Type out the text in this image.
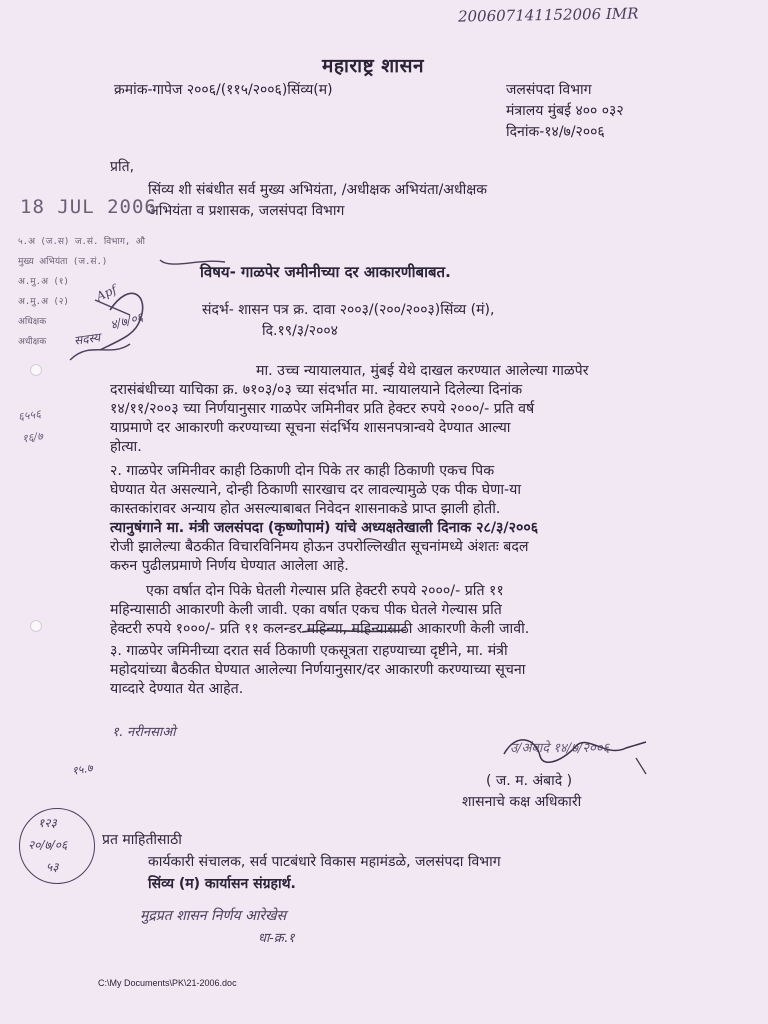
200607141152006 IMR
महाराष्ट्र शासन
क्रमांक-गापेज २००६/(११५/२००६)सिंव्य(म)	जलसंपदा विभाग
मंत्रालय मुंबई ४०० ०३२
दिनांक-१४/७/२००६
प्रति,
सिंव्य शी संबंधीत सर्व मुख्य अभियंता, /अधीक्षक अभियंता/अधीक्षक
अभियंता व प्रशासक, जलसंपदा विभाग
18 JUL 2006
५.अ (ज.स) ज.सं. विभाग, औ
मुख्य अभियंता (ज.सं.)
अ.मु.अ (१)
अ.मु.अ (२)
अधिक्षक
अधीक्षक
Apf
४/७/०६
सदस्य
६५५६
१६/७
विषय- गाळपेर जमीनीच्या दर आकारणीबाबत.
संदर्भ- शासन पत्र क्र. दावा २००३/(२००/२००३)सिंव्य (मं),
दि.१९/३/२००४
मा. उच्च न्यायालयात, मुंबई येथे दाखल करण्यात आलेल्या गाळपेर
दरासंबंधीच्या याचिका क्र. ७१०३/०३ च्या संदर्भात मा. न्यायालयाने दिलेल्या दिनांक
१४/११/२००३ च्या निर्णयानुसार गाळपेर जमिनीवर प्रति हेक्टर रुपये २०००/- प्रति वर्ष
याप्रमाणे दर आकारणी करण्याच्या सूचना संदर्भिय शासनपत्रान्वये देण्यात आल्या
होत्या.
२. गाळपेर जमिनीवर काही ठिकाणी दोन पिके तर काही ठिकाणी एकच पिक
घेण्यात येत असल्याने, दोन्ही ठिकाणी सारखाच दर लावल्यामुळे एक पीक घेणा-या
कास्तकांरावर अन्याय होत असल्याबाबत निवेदन शासनाकडे प्राप्त झाली होती.
त्यानुषंगाने मा. मंत्री जलसंपदा (कृष्णोपामं) यांचे अध्यक्षतेखाली दिनाक २८/३/२००६
रोजी झालेल्या बैठकीत विचारविनिमय होऊन उपरोल्लिखीत सूचनांमध्ये अंशतः बदल
करुन पुढीलप्रमाणे निर्णय घेण्यात आलेला आहे.
एका वर्षात दोन पिके घेतली गेल्यास प्रति हेक्टरी रुपये २०००/- प्रति ११
महिन्यासाठी आकारणी केली जावी. एका वर्षात एकच पीक घेतले गेल्यास प्रति
हेक्टरी रुपये १०००/- प्रति ११ कलन्डर महिन्या, महिन्यासाठी आकारणी केली जावी.
३. गाळपेर जमिनीच्या दरात सर्व ठिकाणी एकसूत्रता राहण्याच्या दृष्टीने, मा. मंत्री
महोदयांच्या बैठकीत घेण्यात आलेल्या निर्णयानुसार/दर आकारणी करण्याच्या सूचना
याव्दारे देण्यात येत आहेत.
१. नरीनसाओ
१५.७
उ/अंबादे १४/७/२००६
( ज. म. अंबादे )
शासनाचे कक्ष अधिकारी
१२३
२०/७/०६
५३
प्रत माहितीसाठी
कार्यकारी संचालक, सर्व पाटबंधारे विकास महामंडळे, जलसंपदा विभाग
सिंव्य (म) कार्यासन संग्रहार्थ.
मुद्रप्रत शासन निर्णय आरेखेस
धा-क्र.१
C:\My Documents\PK\21-2006.doc
